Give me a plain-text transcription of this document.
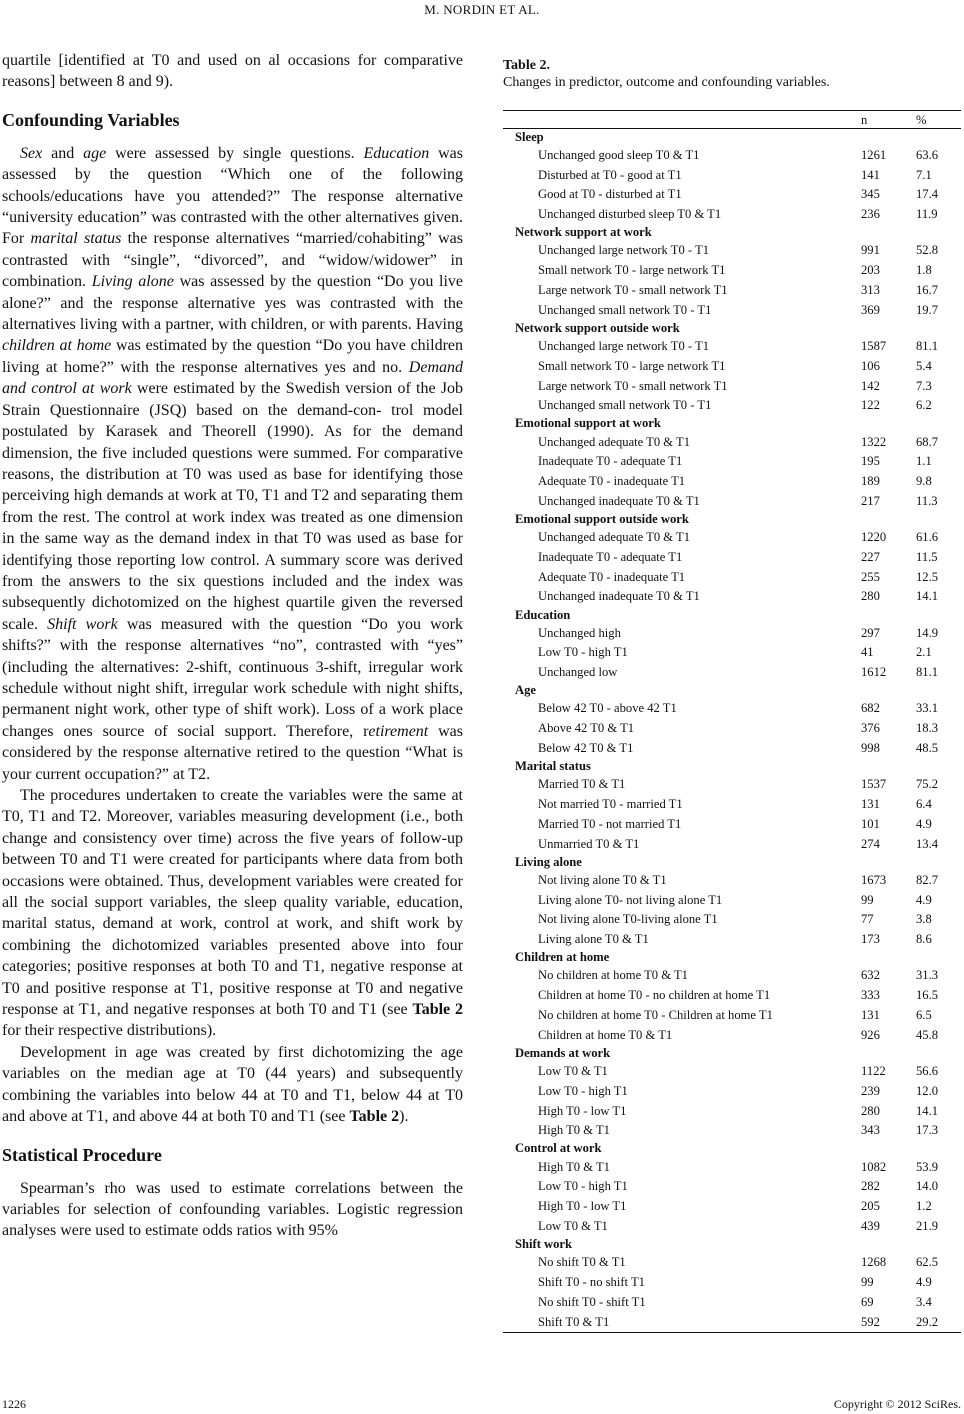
M. NORDIN ET AL.

quartile [identified at T0 and used on al occasions for comparative reasons] between 8 and 9).

Confounding Variables

Sex and age were assessed by single questions. Education was assessed by the question “Which one of the following schools/educations have you attended?” The response alternative “university education” was contrasted with the other alternatives given. For marital status the response alternatives “married/cohabiting” was contrasted with “single”, “divorced”, and “widow/widower” in combination. Living alone was assessed by the question “Do you live alone?” and the response alternative yes was contrasted with the alternatives living with a partner, with children, or with parents. Having children at home was estimated by the question “Do you have children living at home?” with the response alternatives yes and no. Demand and control at work were estimated by the Swedish version of the Job Strain Questionnaire (JSQ) based on the demand-con- trol model postulated by Karasek and Theorell (1990). As for the demand dimension, the five included questions were summed. For comparative reasons, the distribution at T0 was used as base for identifying those perceiving high demands at work at T0, T1 and T2 and separating them from the rest. The control at work index was treated as one dimension in the same way as the demand index in that T0 was used as base for identifying those reporting low control. A summary score was derived from the answers to the six questions included and the index was subsequently dichotomized on the highest quartile given the reversed scale. Shift work was measured with the question “Do you work shifts?” with the response alternatives “no”, contrasted with “yes” (including the alternatives: 2-shift, continuous 3-shift, irregular work schedule without night shift, irregular work schedule with night shifts, permanent night work, other type of shift work). Loss of a work place changes ones source of social support. Therefore, retirement was considered by the response alternative retired to the question “What is your current occupation?” at T2.

The procedures undertaken to create the variables were the same at T0, T1 and T2. Moreover, variables measuring development (i.e., both change and consistency over time) across the five years of follow-up between T0 and T1 were created for participants where data from both occasions were obtained. Thus, development variables were created for all the social support variables, the sleep quality variable, education, marital status, demand at work, control at work, and shift work by combining the dichotomized variables presented above into four categories; positive responses at both T0 and T1, negative response at T0 and positive response at T1, positive response at T0 and negative response at T1, and negative responses at both T0 and T1 (see Table 2 for their respective distributions).

Development in age was created by first dichotomizing the age variables on the median age at T0 (44 years) and subsequently combining the variables into below 44 at T0 and T1, below 44 at T0 and above at T1, and above 44 at both T0 and T1 (see Table 2).

Statistical Procedure

Spearman’s rho was used to estimate correlations between the variables for selection of confounding variables. Logistic regression analyses were used to estimate odds ratios with 95%

Table 2.
Changes in predictor, outcome and confounding variables.
	n	%
Sleep		
Unchanged good sleep T0 & T1	1261	63.6
Disturbed at T0 - good at T1	141	7.1
Good at T0 - disturbed at T1	345	17.4
Unchanged disturbed sleep T0 & T1	236	11.9
Network support at work		
Unchanged large network T0 - T1	991	52.8
Small network T0 - large network T1	203	1.8
Large network T0 - small network T1	313	16.7
Unchanged small network T0 - T1	369	19.7
Network support outside work		
Unchanged large network T0 - T1	1587	81.1
Small network T0 - large network T1	106	5.4
Large network T0 - small network T1	142	7.3
Unchanged small network T0 - T1	122	6.2
Emotional support at work		
Unchanged adequate T0 & T1	1322	68.7
Inadequate T0 - adequate T1	195	1.1
Adequate T0 - inadequate T1	189	9.8
Unchanged inadequate T0 & T1	217	11.3
Emotional support outside work		
Unchanged adequate T0 & T1	1220	61.6
Inadequate T0 - adequate T1	227	11.5
Adequate T0 - inadequate T1	255	12.5
Unchanged inadequate T0 & T1	280	14.1
Education		
Unchanged high	297	14.9
Low T0 - high T1	41	2.1
Unchanged low	1612	81.1
Age		
Below 42 T0 - above 42 T1	682	33.1
Above 42 T0 & T1	376	18.3
Below 42 T0 & T1	998	48.5
Marital status		
Married T0 & T1	1537	75.2
Not married T0 - married T1	131	6.4
Married T0 - not married T1	101	4.9
Unmarried T0 & T1	274	13.4
Living alone		
Not living alone T0 & T1	1673	82.7
Living alone T0- not living alone T1	99	4.9
Not living alone T0-living alone T1	77	3.8
Living alone T0 & T1	173	8.6
Children at home		
No children at home T0 & T1	632	31.3
Children at home T0 - no children at home T1	333	16.5
No children at home T0 - Children at home T1	131	6.5
Children at home T0 & T1	926	45.8
Demands at work		
Low T0 & T1	1122	56.6
Low T0 - high T1	239	12.0
High T0 - low T1	280	14.1
High T0 & T1	343	17.3
Control at work		
High T0 & T1	1082	53.9
Low T0 - high T1	282	14.0
High T0 - low T1	205	1.2
Low T0 & T1	439	21.9
Shift work		
No shift T0 & T1	1268	62.5
Shift T0 - no shift T1	99	4.9
No shift T0 - shift T1	69	3.4
Shift T0 & T1	592	29.2
1226	Copyright © 2012 SciRes.
